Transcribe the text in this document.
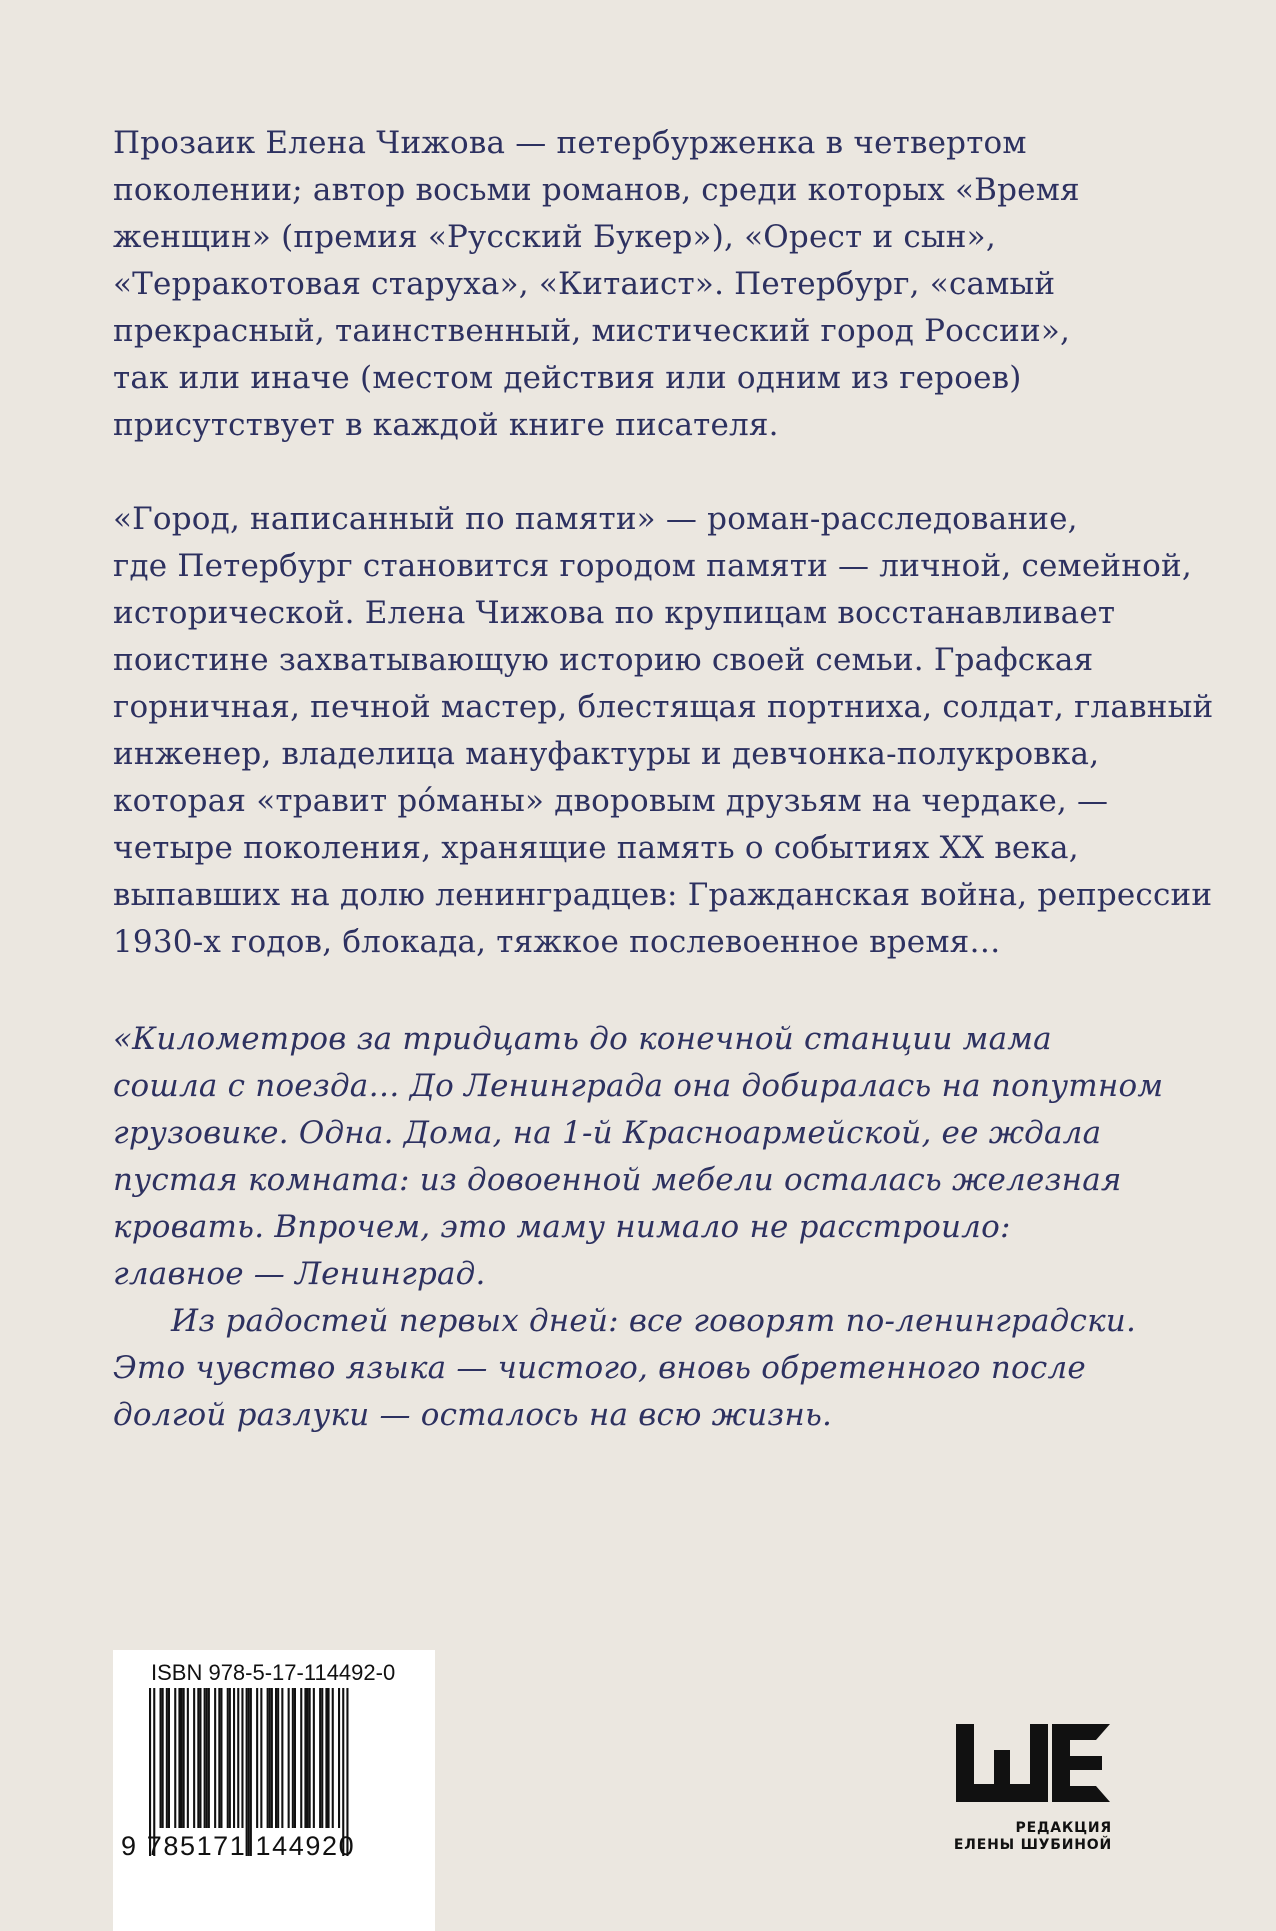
Прозаик Елена Чижова — петербурженка в четвертом

поколении; автор восьми романов, среди которых «Время

женщин» (премия «Русский Букер»), «Орест и сын»,

«Терракотовая старуха», «Китаист». Петербург, «самый

прекрасный, таинственный, мистический город России»,

так или иначе (местом действия или одним из героев)

присутствует в каждой книге писателя.

«Город, написанный по памяти» — роман-расследование,

где Петербург становится городом памяти — личной, семейной,

исторической. Елена Чижова по крупицам восстанавливает

поистине захватывающую историю своей семьи. Графская

горничная, печной мастер, блестящая портниха, солдат, главный

инженер, владелица мануфактуры и девчонка-полукровка,

которая «травит ро́маны» дворовым друзьям на чердаке, —

четыре поколения, хранящие память о событиях XX века,

выпавших на долю ленинградцев: Гражданская война, репрессии

1930-х годов, блокада, тяжкое послевоенное время…

«Километров за тридцать до конечной станции мама

сошла с поезда… До Ленинграда она добиралась на попутном

грузовике. Одна. Дома, на 1-й Красноармейской, ее ждала

пустая комната: из довоенной мебели осталась железная

кровать. Впрочем, это маму нимало не расстроило:

главное — Ленинград.

Из радостей первых дней: все говорят по-ленинградски.

Это чувство языка — чистого, вновь обретенного после

долгой разлуки — осталось на всю жизнь.

ISBN 978-5-17-114492-0
9 785171 144920
РЕДАКЦИЯ
ЕЛЕНЫ ШУБИНОЙ
